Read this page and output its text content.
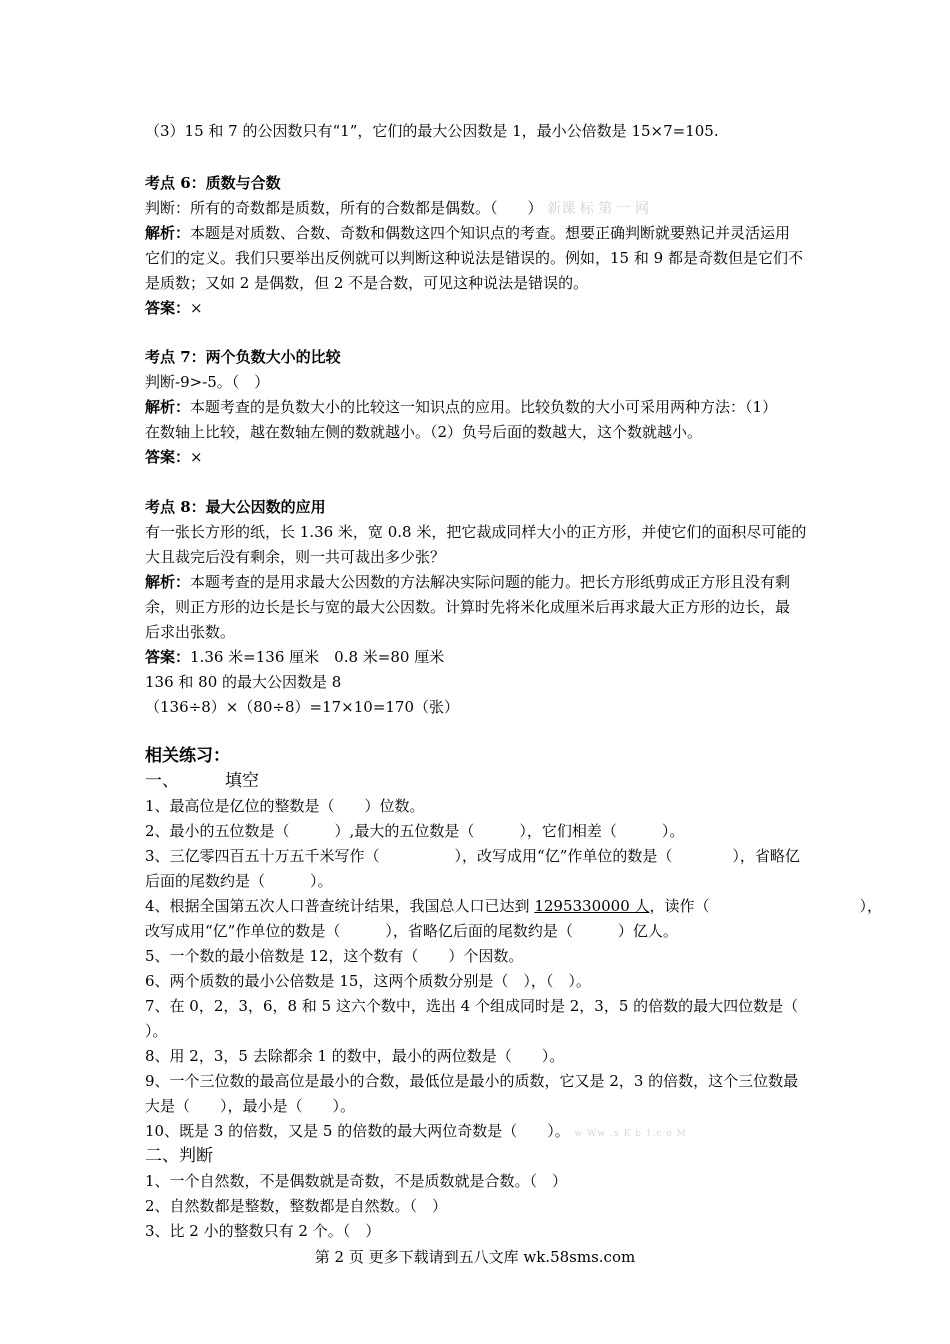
（3）15 和 7 的公因数只有“1”，它们的最大公因数是 1，最小公倍数是 15×7=105.
考点 6：质数与合数
判断：所有的奇数都是质数，所有的合数都是偶数。（　　） 新课 标 第 一 网
解析：本题是对质数、合数、奇数和偶数这四个知识点的考查。想要正确判断就要熟记并灵活运用
它们的定义。我们只要举出反例就可以判断这种说法是错误的。例如，15 和 9 都是奇数但是它们不
是质数；又如 2 是偶数，但 2 不是合数，可见这种说法是错误的。
答案：×
考点 7：两个负数大小的比较
判断-9>-5。（　）
解析：本题考查的是负数大小的比较这一知识点的应用。比较负数的大小可采用两种方法：（1）
在数轴上比较，越在数轴左侧的数就越小。（2）负号后面的数越大，这个数就越小。
答案：×
考点 8：最大公因数的应用
有一张长方形的纸，长 1.36 米，宽 0.8 米，把它裁成同样大小的正方形，并使它们的面积尽可能的
大且裁完后没有剩余，则一共可裁出多少张？
解析：本题考查的是用求最大公因数的方法解决实际问题的能力。把长方形纸剪成正方形且没有剩
余，则正方形的边长是长与宽的最大公因数。计算时先将米化成厘米后再求最大正方形的边长，最
后求出张数。
答案：1.36 米=136 厘米　0.8 米=80 厘米
136 和 80 的最大公因数是 8
（136÷8）×（80÷8）=17×10=170（张）
相关练习：
一、	填空
1、最高位是亿位的整数是（　　）位数。
2、最小的五位数是（　　　）,最大的五位数是（　　　），它们相差（　　　）。
3、三亿零四百五十万五千米写作（　　　　　），改写成用“亿”作单位的数是（　　　　），省略亿
后面的尾数约是（　　　）。
4、根据全国第五次人口普查统计结果，我国总人口已达到 1295330000 人，读作（　　　　　　　　　　），
改写成用“亿”作单位的数是（　　　），省略亿后面的尾数约是（　　　）亿人。
5、一个数的最小倍数是 12，这个数有（　　）个因数。
6、两个质数的最小公倍数是 15，这两个质数分别是（　），（　）。
7、在 0，2，3，6，8 和 5 这六个数中，选出 4 个组成同时是 2，3，5 的倍数的最大四位数是（
）。
8、用 2，3，5 去除都余 1 的数中，最小的两位数是（　　）。
9、一个三位数的最高位是最小的合数，最低位是最小的质数，它又是 2，3 的倍数，这个三位数最
大是（　　），最小是（　　）。
10、既是 3 的倍数，又是 5 的倍数的最大两位奇数是（　　）。 w Ww .x K b 1.c o M
二、判断
1、一个自然数，不是偶数就是奇数，不是质数就是合数。（　）
2、自然数都是整数，整数都是自然数。（　）
3、比 2 小的整数只有 2 个。（　）
第 2 页 更多下载请到五八文库 wk.58sms.com
